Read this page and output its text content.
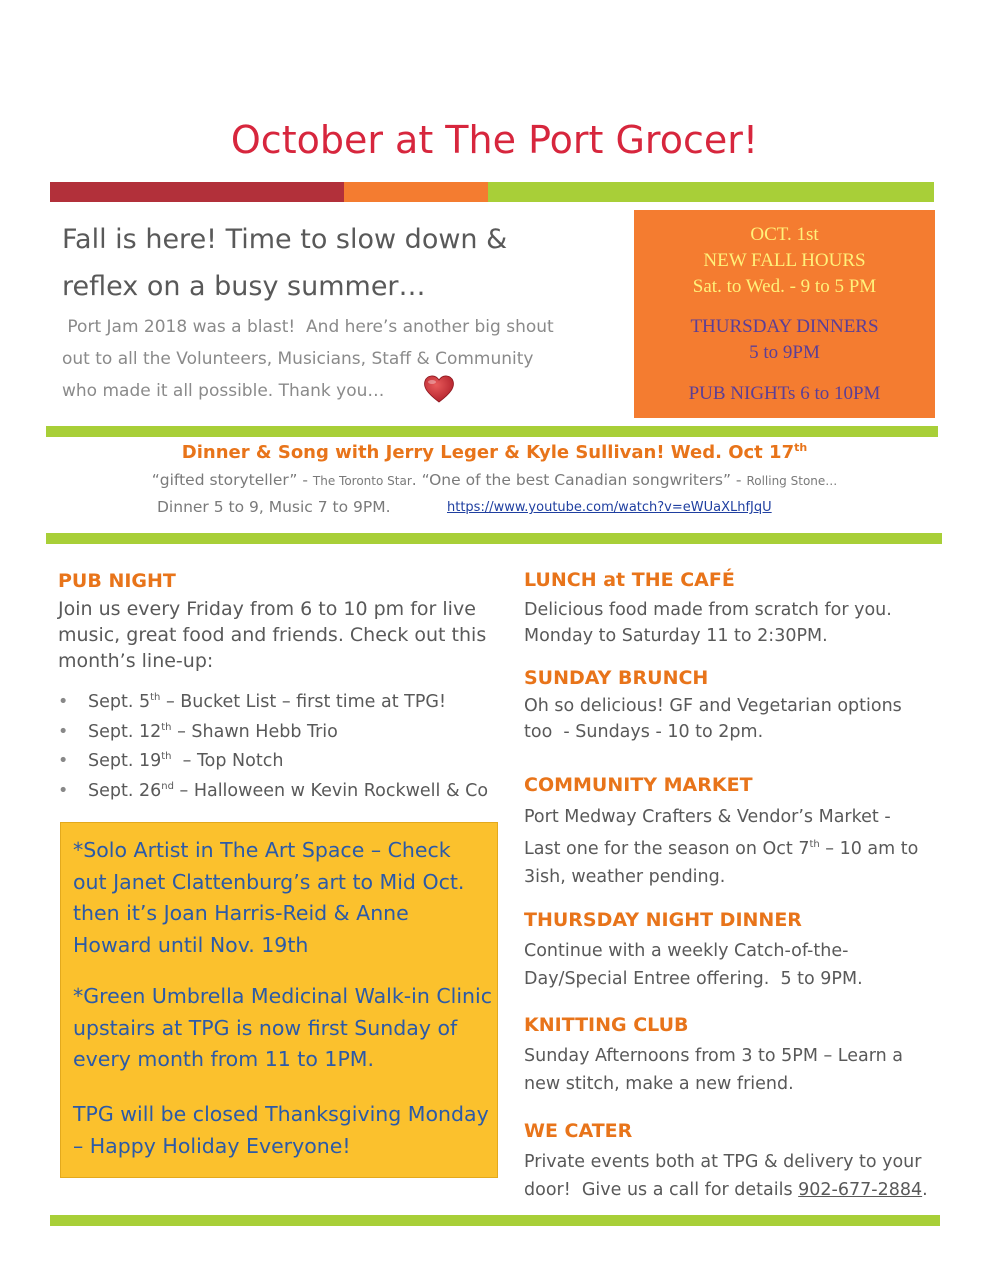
October at The Port Grocer!
Fall is here! Time to slow down &
reflex on a busy summer…
Port Jam 2018 was a blast!  And here’s another big shout
out to all the Volunteers, Musicians, Staff & Community
who made it all possible. Thank you…
OCT. 1st
NEW FALL HOURS
Sat. to Wed. - 9 to 5 PM
THURSDAY DINNERS
5 to 9PM
PUB NIGHTs 6 to 10PM
Dinner & Song with Jerry Leger & Kyle Sullivan! Wed. Oct 17th
“gifted storyteller” - The Toronto Star. “One of the best Canadian songwriters” - Rolling Stone…
Dinner 5 to 9, Music 7 to 9PM.	https://www.youtube.com/watch?v=eWUaXLhfJqU
PUB NIGHT
Join us every Friday from 6 to 10 pm for live
music, great food and friends. Check out this
month’s line-up:
• Sept. 5th – Bucket List – first time at TPG!
• Sept. 12th – Shawn Hebb Trio
• Sept. 19th  – Top Notch
• Sept. 26nd – Halloween w Kevin Rockwell & Co

*Solo Artist in The Art Space – Check
out Janet Clattenburg’s art to Mid Oct.
then it’s Joan Harris-Reid & Anne
Howard until Nov. 19th

*Green Umbrella Medicinal Walk-in Clinic
upstairs at TPG is now first Sunday of
every month from 11 to 1PM.

TPG will be closed Thanksgiving Monday
– Happy Holiday Everyone!

LUNCH at THE CAFÉ
Delicious food made from scratch for you.
Monday to Saturday 11 to 2:30PM.
SUNDAY BRUNCH
Oh so delicious! GF and Vegetarian options
too  - Sundays - 10 to 2pm.
COMMUNITY MARKET
Port Medway Crafters & Vendor’s Market -
Last one for the season on Oct 7th – 10 am to
3ish, weather pending.
THURSDAY NIGHT DINNER
Continue with a weekly Catch-of-the-
Day/Special Entree offering.  5 to 9PM.
KNITTING CLUB
Sunday Afternoons from 3 to 5PM – Learn a
new stitch, make a new friend.
WE CATER
Private events both at TPG & delivery to your
door!  Give us a call for details 902-677-2884.
